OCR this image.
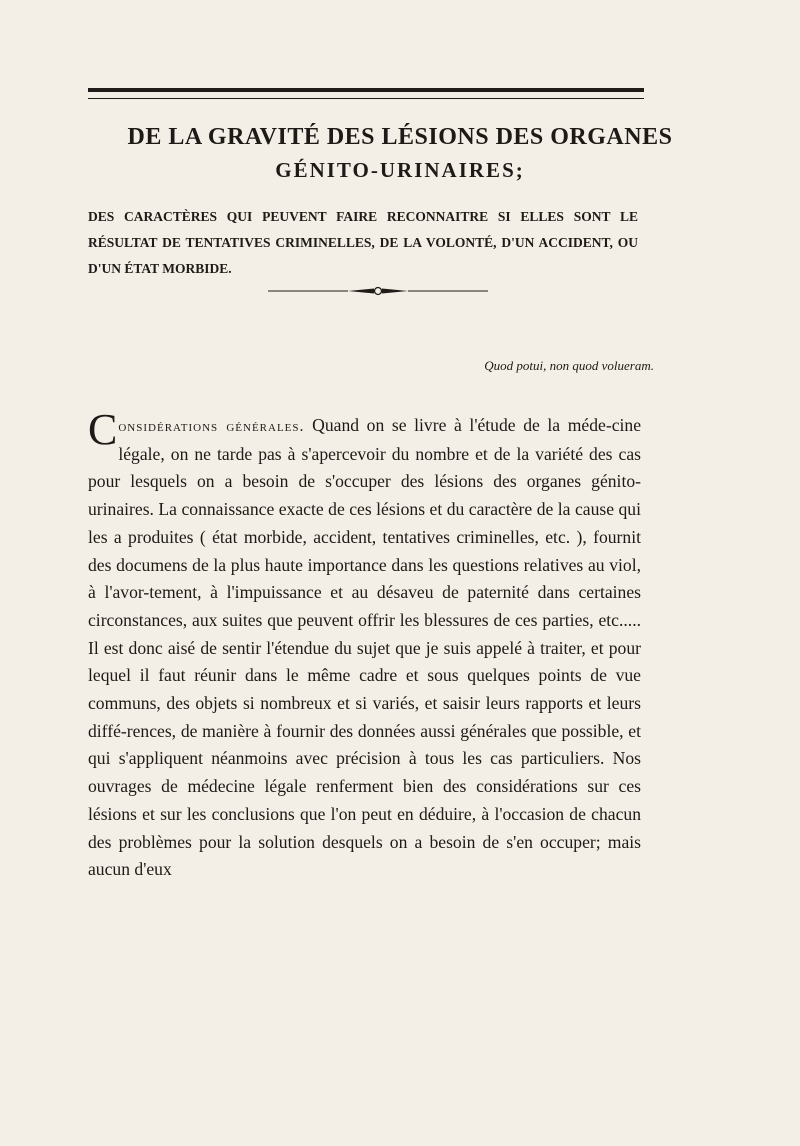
DE LA GRAVITÉ DES LÉSIONS DES ORGANES
GÉNITO-URINAIRES;

DES CARACTÈRES QUI PEUVENT FAIRE RECONNAITRE SI ELLES SONT LE RÉSULTAT DE TENTATIVES CRIMINELLES, DE LA VOLONTÉ, D'UN ACCIDENT, OU D'UN ÉTAT MORBIDE.

Quod potui, non quod volueram.

Considérations générales. Quand on se livre à l'étude de la méde-cine légale, on ne tarde pas à s'apercevoir du nombre et de la variété des cas pour lesquels on a besoin de s'occuper des lésions des organes génito-urinaires. La connaissance exacte de ces lésions et du caractère de la cause qui les a produites ( état morbide, accident, tentatives criminelles, etc. ), fournit des documens de la plus haute importance dans les questions relatives au viol, à l'avor-tement, à l'impuissance et au désaveu de paternité dans certaines circonstances, aux suites que peuvent offrir les blessures de ces parties, etc..... Il est donc aisé de sentir l'étendue du sujet que je suis appelé à traiter, et pour lequel il faut réunir dans le même cadre et sous quelques points de vue communs, des objets si nombreux et si variés, et saisir leurs rapports et leurs diffé-rences, de manière à fournir des données aussi générales que possible, et qui s'appliquent néanmoins avec précision à tous les cas particuliers. Nos ouvrages de médecine légale renferment bien des considérations sur ces lésions et sur les conclusions que l'on peut en déduire, à l'occasion de chacun des problèmes pour la solution desquels on a besoin de s'en occuper; mais aucun d'eux
